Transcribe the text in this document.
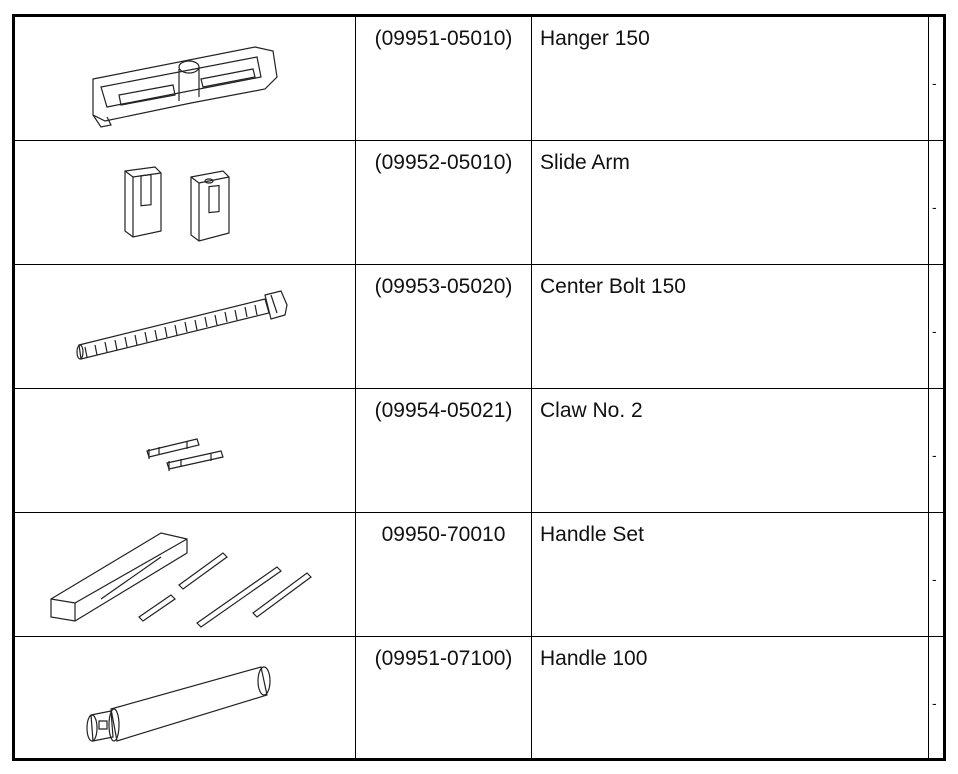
(09951-05010)	Hanger 150
-
(09952-05010)	Slide Arm
-
(09953-05020)	Center Bolt 150
-
(09954-05021)	Claw No. 2
-
09950-70010	Handle Set
-
(09951-07100)	Handle 100
-
